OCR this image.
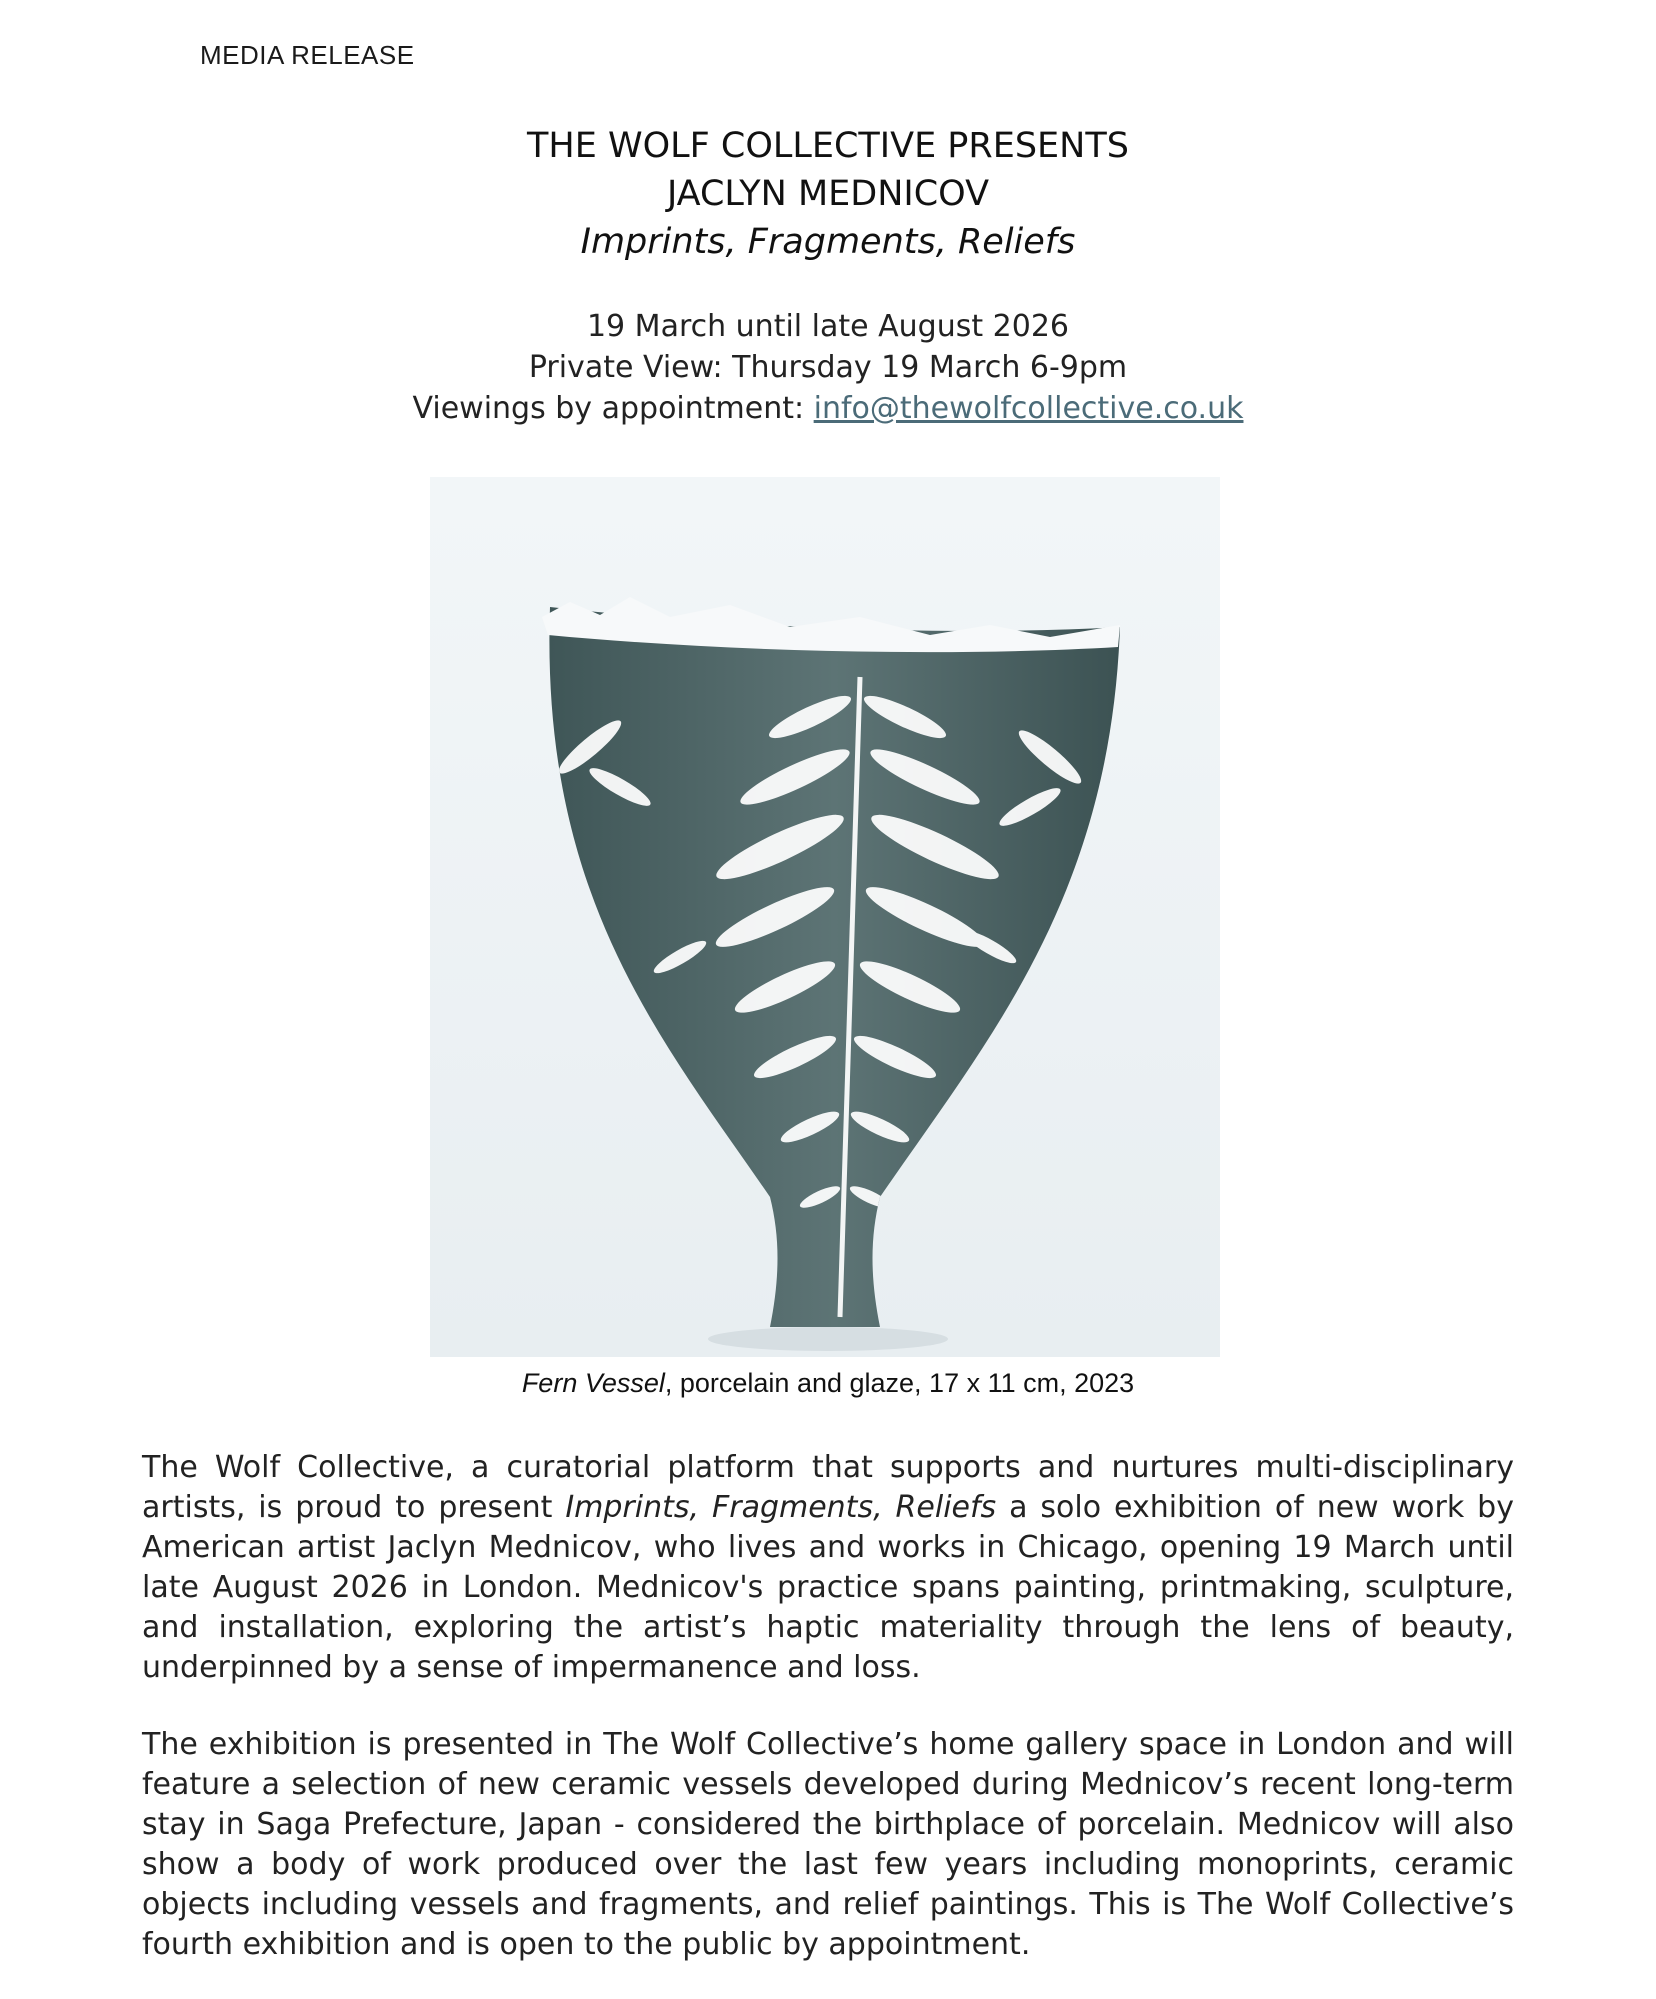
MEDIA RELEASE
THE WOLF COLLECTIVE PRESENTS
JACLYN MEDNICOV
Imprints, Fragments, Reliefs
19 March until late August 2026
Private View: Thursday 19 March 6-9pm
Viewings by appointment: info@thewolfcollective.co.uk
Fern Vessel, porcelain and glaze, 17 x 11 cm, 2023
The Wolf Collective, a curatorial platform that supports and nurtures multi-disciplinary artists, is proud to present Imprints, Fragments, Reliefs a solo exhibition of new work by American artist Jaclyn Mednicov, who lives and works in Chicago, opening 19 March until late August 2026 in London. Mednicov's practice spans painting, printmaking, sculpture, and installation, exploring the artist’s haptic materiality through the lens of beauty, underpinned by a sense of impermanence and loss.
The exhibition is presented in The Wolf Collective’s home gallery space in London and will feature a selection of new ceramic vessels developed during Mednicov’s recent long-term stay in Saga Prefecture, Japan - considered the birthplace of porcelain. Mednicov will also show a body of work produced over the last few years including monoprints, ceramic objects including vessels and fragments, and relief paintings. This is The Wolf Collective’s fourth exhibition and is open to the public by appointment.
